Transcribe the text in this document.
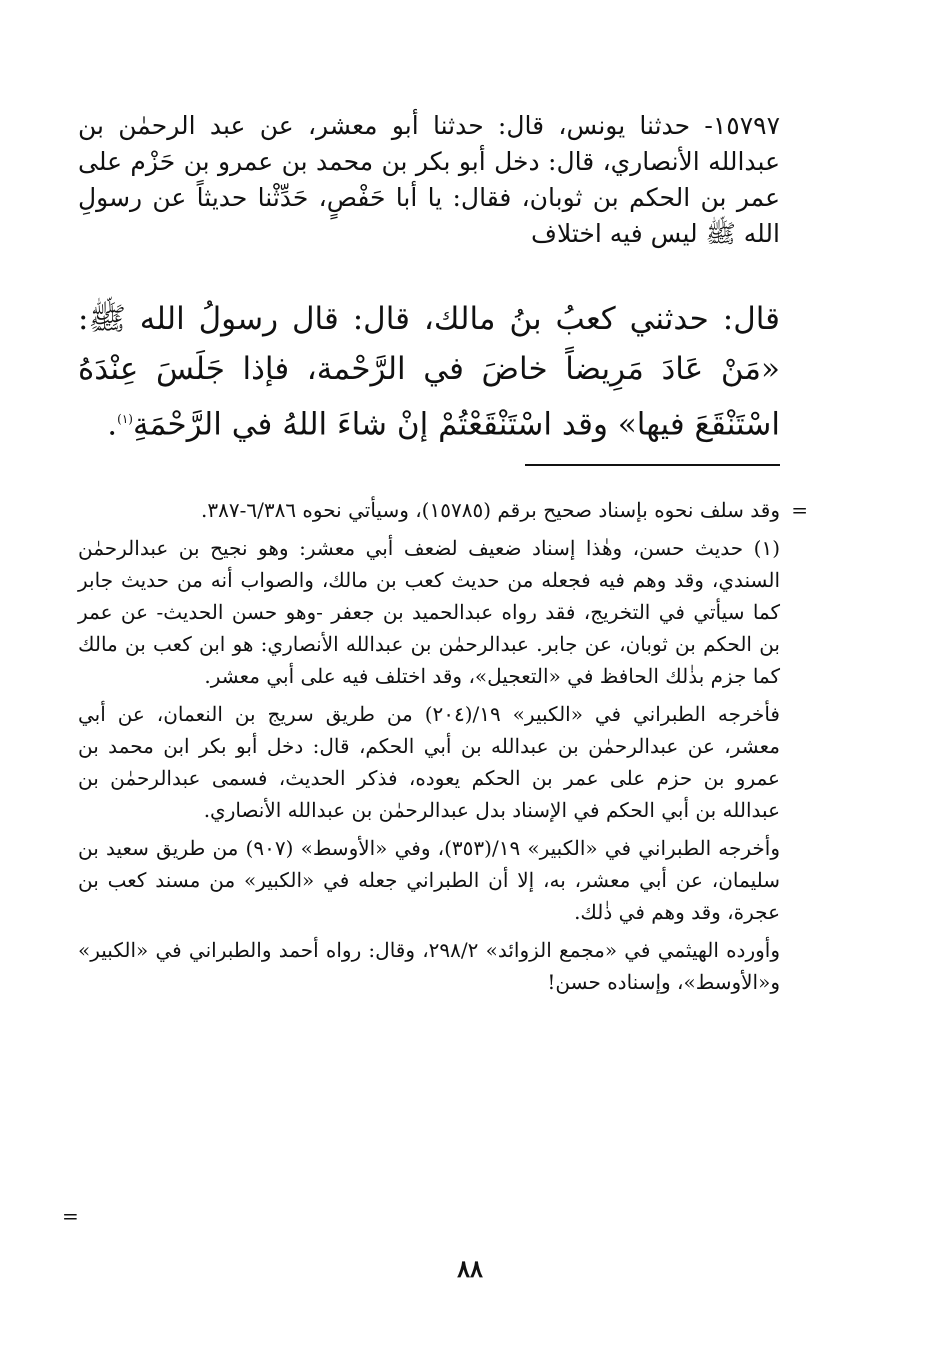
١٥٧٩٧- حدثنا يونس، قال: حدثنا أبو معشر، عن عبد الرحمٰن بن عبدالله الأنصاري، قال: دخل أبو بكر بن محمد بن عمرو بن حَزْم على عمر بن الحكم بن ثوبان، فقال: يا أبا حَفْصٍ، حَدِّثْنا حديثاً عن رسولِ الله ﷺ ليس فيه اختلاف

قال: حدثني كعبُ بنُ مالك، قال: قال رسولُ الله ﷺ: «مَنْ عَادَ مَرِيضاً خاضَ في الرَّحْمة، فإذا جَلَسَ عِنْدَهُ اسْتَنْقَعَ فيها» وقد اسْتَنْقَعْتُمْ إنْ شاءَ اللهُ في الرَّحْمَةِ$^{(١)}$.

=
وقد سلف نحوه بإسناد صحيح برقم (١٥٧٨٥)، وسيأتي نحوه ٦/٣٨٦-٣٨٧.

(١) حديث حسن، وهٰذا إسناد ضعيف لضعف أبي معشر: وهو نجيح بن عبدالرحمٰن السندي، وقد وهم فيه فجعله من حديث كعب بن مالك، والصواب أنه من حديث جابر كما سيأتي في التخريج، فقد رواه عبدالحميد بن جعفر -وهو حسن الحديث- عن عمر بن الحكم بن ثوبان، عن جابر. عبدالرحمٰن بن عبدالله الأنصاري: هو ابن كعب بن مالك كما جزم بذٰلك الحافظ في «التعجيل»، وقد اختلف فيه على أبي معشر.

فأخرجه الطبراني في «الكبير» ١٩/(٢٠٤) من طريق سريج بن النعمان، عن أبي معشر، عن عبدالرحمٰن بن عبدالله بن أبي الحكم، قال: دخل أبو بكر ابن محمد بن عمرو بن حزم على عمر بن الحكم يعوده، فذكر الحديث، فسمى عبدالرحمٰن بن عبدالله بن أبي الحكم في الإسناد بدل عبدالرحمٰن بن عبدالله الأنصاري.

وأخرجه الطبراني في «الكبير» ١٩/(٣٥٣)، وفي «الأوسط» (٩٠٧) من طريق سعيد بن سليمان، عن أبي معشر، به، إلا أن الطبراني جعله في «الكبير» من مسند كعب بن عجرة، وقد وهم في ذٰلك.

وأورده الهيثمي في «مجمع الزوائد» ٢٩٨/٢، وقال: رواه أحمد والطبراني في «الكبير» و«الأوسط»، وإسناده حسن!

=
٨٨
